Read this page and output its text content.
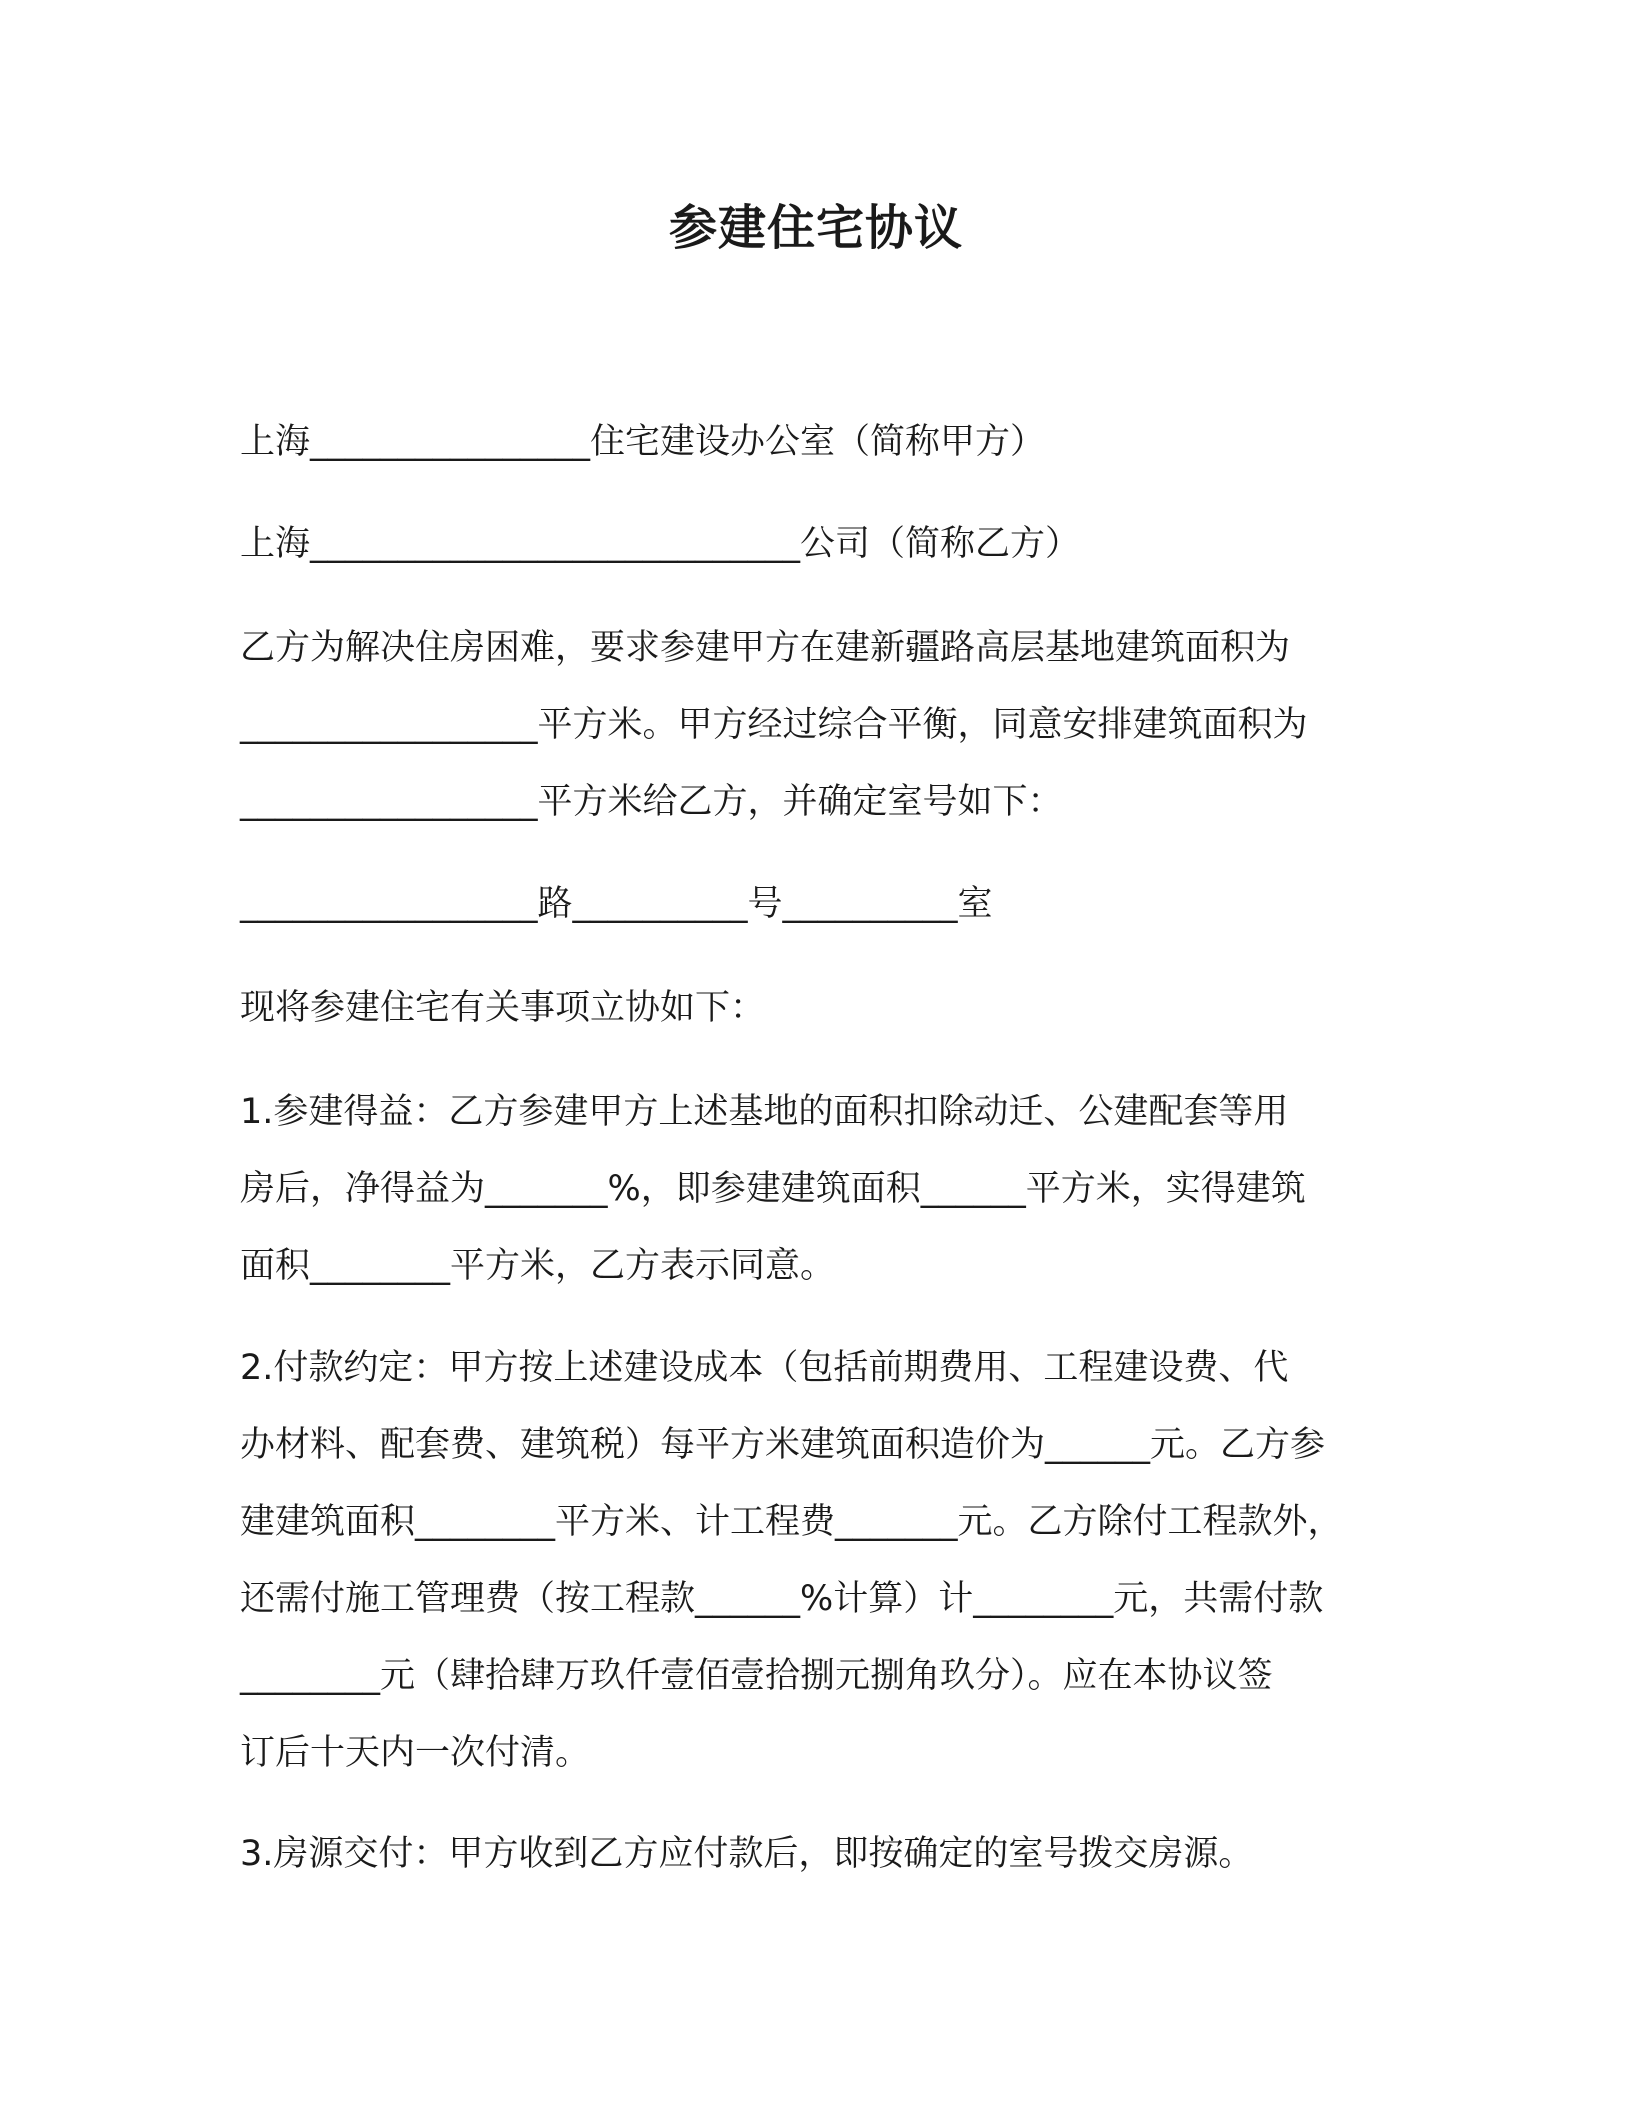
参建住宅协议

上海________________住宅建设办公室（简称甲方）

上海____________________________公司（简称乙方）

乙方为解决住房困难，要求参建甲方在建新疆路高层基地建筑面积为
_________________平方米。甲方经过综合平衡，同意安排建筑面积为
_________________平方米给乙方，并确定室号如下：

_________________路__________号__________室

现将参建住宅有关事项立协如下：

1.参建得益：乙方参建甲方上述基地的面积扣除动迁、公建配套等用
房后，净得益为_______%，即参建建筑面积______平方米，实得建筑
面积________平方米，乙方表示同意。
2.付款约定：甲方按上述建设成本（包括前期费用、工程建设费、代
办材料、配套费、建筑税）每平方米建筑面积造价为______元。乙方参
建建筑面积________平方米、计工程费_______元。乙方除付工程款外，
还需付施工管理费（按工程款______%计算）计________元，共需付款
________元（肆拾肆万玖仟壹佰壹拾捌元捌角玖分）。应在本协议签
订后十天内一次付清。

3.房源交付：甲方收到乙方应付款后，即按确定的室号拨交房源。
